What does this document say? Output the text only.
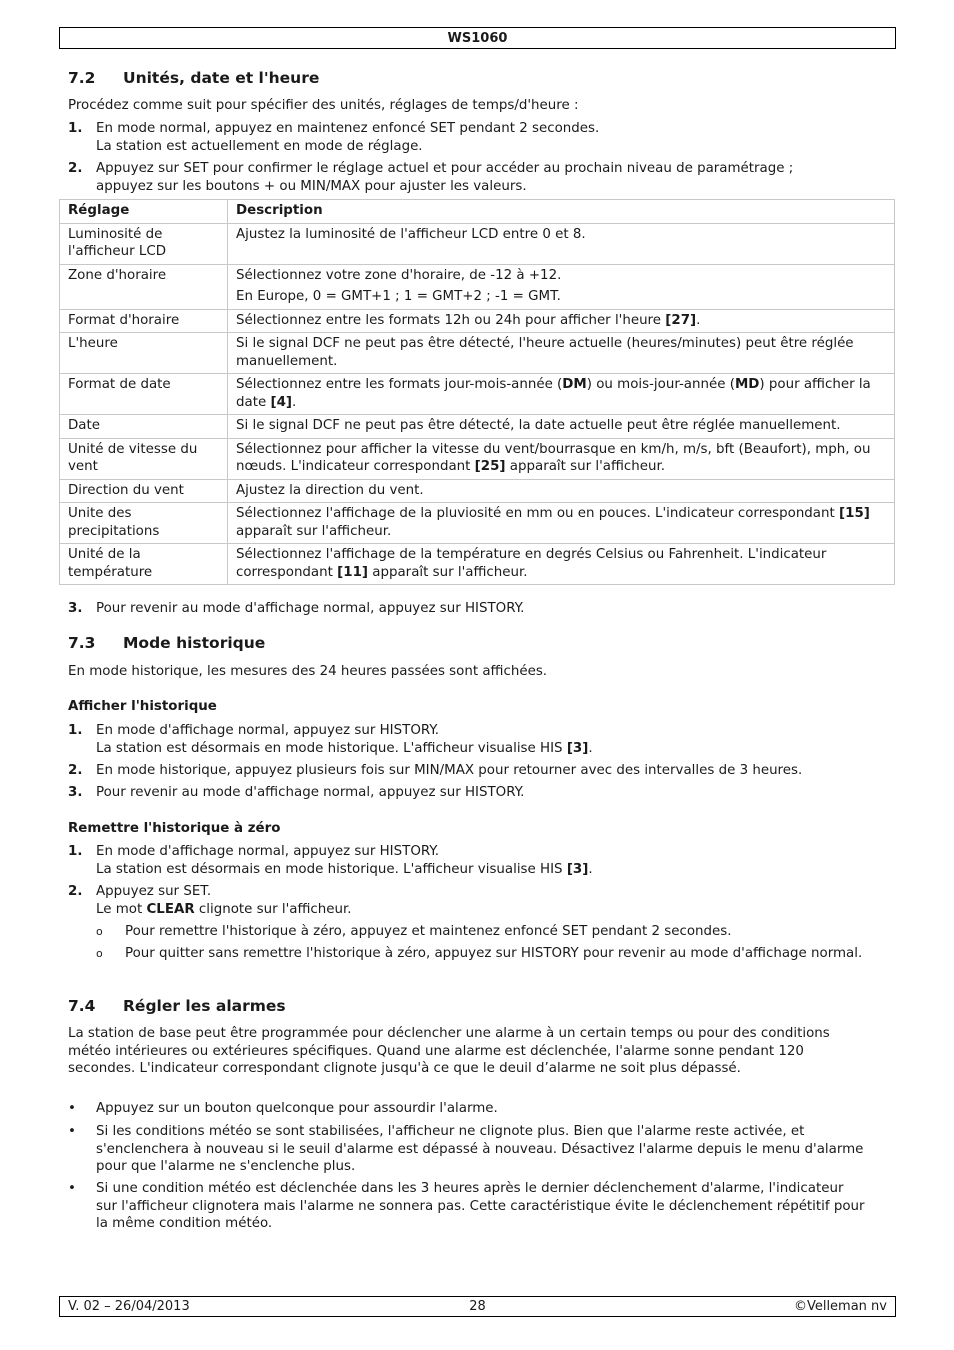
WS1060
7.2 Unités, date et l'heure
Procédez comme suit pour spécifier des unités, réglages de temps/d'heure :
1. En mode normal, appuyez en maintenez enfoncé SET pendant 2 secondes.
La station est actuellement en mode de réglage.
2. Appuyez sur SET pour confirmer le réglage actuel et pour accéder au prochain niveau de paramétrage ;
appuyez sur les boutons + ou MIN/MAX pour ajuster les valeurs.
Réglage	Description
Luminosité de l'afficheur LCD	Ajustez la luminosité de l'afficheur LCD entre 0 et 8.
Zone d'horaire	Sélectionnez votre zone d'horaire, de -12 à +12.
En Europe, 0 = GMT+1 ; 1 = GMT+2 ; -1 = GMT.

Format d'horaire	Sélectionnez entre les formats 12h ou 24h pour afficher l'heure [27].
L'heure	Si le signal DCF ne peut pas être détecté, l'heure actuelle (heures/minutes) peut être réglée manuellement.
Format de date	Sélectionnez entre les formats jour-mois-année (DM) ou mois-jour-année (MD) pour afficher la date [4].
Date	Si le signal DCF ne peut pas être détecté, la date actuelle peut être réglée manuellement.
Unité de vitesse du vent	Sélectionnez pour afficher la vitesse du vent/bourrasque en km/h, m/s, bft (Beaufort), mph, ou nœuds. L'indicateur correspondant [25] apparaît sur l'afficheur.
Direction du vent	Ajustez la direction du vent.
Unite des precipitations	Sélectionnez l'affichage de la pluviosité en mm ou en pouces. L'indicateur correspondant [15] apparaît sur l'afficheur.
Unité de la température	Sélectionnez l'affichage de la température en degrés Celsius ou Fahrenheit. L'indicateur correspondant [11] apparaît sur l'afficheur.
3. Pour revenir au mode d'affichage normal, appuyez sur HISTORY.
7.3 Mode historique
En mode historique, les mesures des 24 heures passées sont affichées.
Afficher l'historique
1. En mode d'affichage normal, appuyez sur HISTORY.
La station est désormais en mode historique. L'afficheur visualise HIS [3].
2. En mode historique, appuyez plusieurs fois sur MIN/MAX pour retourner avec des intervalles de 3 heures.
3. Pour revenir au mode d'affichage normal, appuyez sur HISTORY.
Remettre l'historique à zéro
1. En mode d'affichage normal, appuyez sur HISTORY.
La station est désormais en mode historique. L'afficheur visualise HIS [3].
2. Appuyez sur SET.
Le mot CLEAR clignote sur l'afficheur.
o Pour remettre l'historique à zéro, appuyez et maintenez enfoncé SET pendant 2 secondes.
o Pour quitter sans remettre l'historique à zéro, appuyez sur HISTORY pour revenir au mode d'affichage normal.
7.4 Régler les alarmes
La station de base peut être programmée pour déclencher une alarme à un certain temps ou pour des conditions météo intérieures ou extérieures spécifiques. Quand une alarme est déclenchée, l'alarme sonne pendant 120 secondes. L'indicateur correspondant clignote jusqu'à ce que le deuil d’alarme ne soit plus dépassé.
• Appuyez sur un bouton quelconque pour assourdir l'alarme.
• Si les conditions météo se sont stabilisées, l'afficheur ne clignote plus. Bien que l'alarme reste activée, et s'enclenchera à nouveau si le seuil d'alarme est dépassé à nouveau. Désactivez l'alarme depuis le menu d'alarme pour que l'alarme ne s'enclenche plus.
• Si une condition météo est déclenchée dans les 3 heures après le dernier déclenchement d'alarme, l'indicateur sur l'afficheur clignotera mais l'alarme ne sonnera pas. Cette caractéristique évite le déclenchement répétitif pour la même condition météo.
28
V. 02 – 26/04/2013	©Velleman nv
